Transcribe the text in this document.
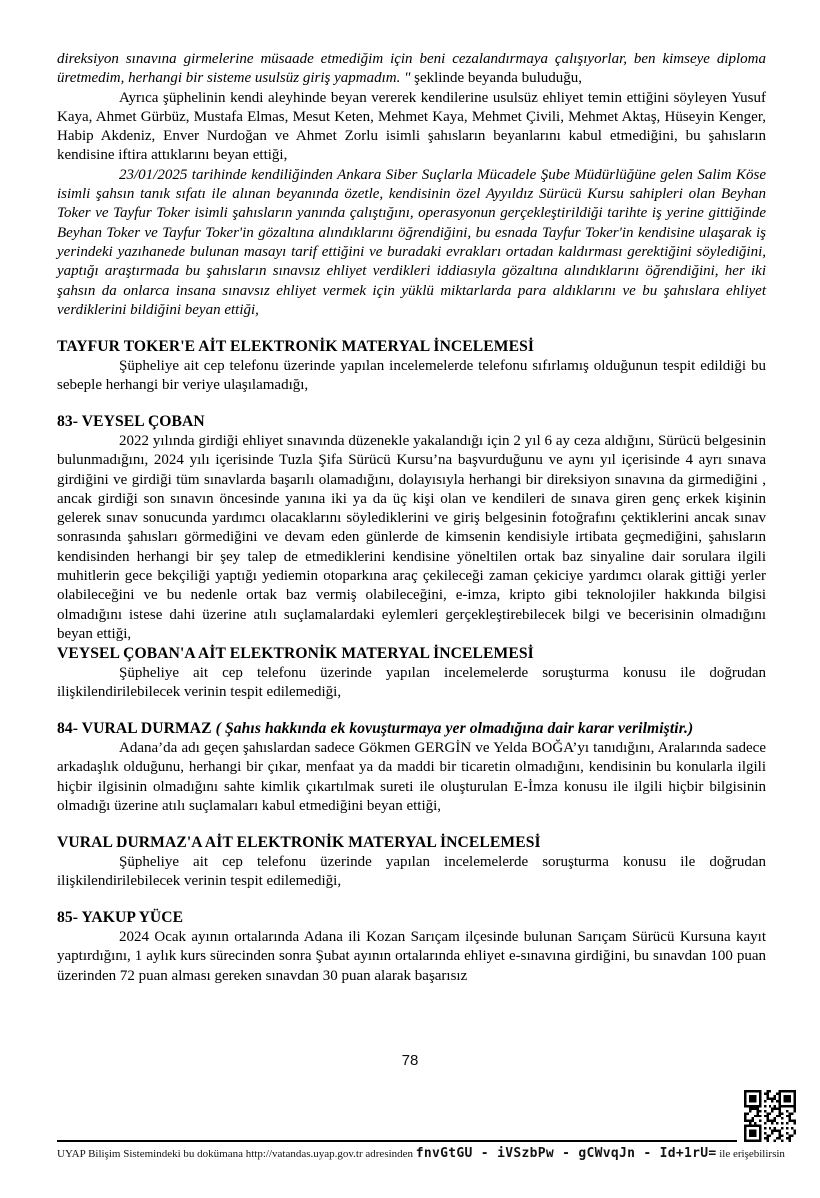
direksiyon sınavına girmelerine müsaade etmediğim için beni cezalandırmaya çalışıyorlar, ben kimseye diploma üretmedim, herhangi bir sisteme usulsüz giriş yapmadım. " şeklinde beyanda buluduğu,

Ayrıca şüphelinin kendi aleyhinde beyan vererek kendilerine usulsüz ehliyet temin ettiğini söyleyen Yusuf Kaya, Ahmet Gürbüz, Mustafa Elmas, Mesut Keten, Mehmet Kaya, Mehmet Çivili, Mehmet Aktaş, Hüseyin Kenger, Habip Akdeniz, Enver Nurdoğan ve Ahmet Zorlu isimli şahısların beyanlarını kabul etmediğini, bu şahısların kendisine iftira attıklarını beyan ettiği,

23/01/2025 tarihinde kendiliğinden Ankara Siber Suçlarla Mücadele Şube Müdürlüğüne gelen Salim Köse isimli şahsın tanık sıfatı ile alınan beyanında özetle, kendisinin özel Ayyıldız Sürücü Kursu sahipleri olan Beyhan Toker ve Tayfur Toker isimli şahısların yanında çalıştığını, operasyonun gerçekleştirildiği tarihte iş yerine gittiğinde Beyhan Toker ve Tayfur Toker'in gözaltına alındıklarını öğrendiğini, bu esnada Tayfur Toker'in kendisine ulaşarak iş yerindeki yazıhanede bulunan masayı tarif ettiğini ve buradaki evrakları ortadan kaldırması gerektiğini söylediğini, yaptığı araştırmada bu şahısların sınavsız ehliyet verdikleri iddiasıyla gözaltına alındıklarını öğrendiğini, her iki şahsın da onlarca insana sınavsız ehliyet vermek için yüklü miktarlarda para aldıklarını ve bu şahıslara ehliyet verdiklerini bildiğini beyan ettiği,

TAYFUR TOKER'E AİT ELEKTRONİK MATERYAL İNCELEMESİ

Şüpheliye ait cep telefonu üzerinde yapılan incelemelerde telefonu sıfırlamış olduğunun tespit edildiği bu sebeple herhangi bir veriye ulaşılamadığı,

83- VEYSEL ÇOBAN

2022 yılında girdiği ehliyet sınavında düzenekle yakalandığı için 2 yıl 6 ay ceza aldığını, Sürücü belgesinin bulunmadığını, 2024 yılı içerisinde Tuzla Şifa Sürücü Kursu’na başvurduğunu ve aynı yıl içerisinde 4 ayrı sınava girdiğini ve girdiği tüm sınavlarda başarılı olamadığını, dolayısıyla herhangi bir direksiyon sınavına da girmediğini , ancak girdiği son sınavın öncesinde yanına iki ya da üç kişi olan ve kendileri de sınava giren genç erkek kişinin gelerek sınav sonucunda yardımcı olacaklarını söylediklerini ve giriş belgesinin fotoğrafını çektiklerini ancak sınav sonrasında şahısları görmediğini ve devam eden günlerde de kimsenin kendisiyle irtibata geçmediğini, şahısların kendisinden herhangi bir şey talep de etmediklerini kendisine yöneltilen ortak baz sinyaline dair sorulara ilgili muhitlerin gece bekçiliği yaptığı yediemin otoparkına araç çekileceği zaman çekiciye yardımcı olarak gittiği yerler olabileceğini ve bu nedenle ortak baz vermiş olabileceğini, e-imza, kripto gibi teknolojiler hakkında bilgisi olmadığını istese dahi üzerine atılı suçlamalardaki eylemleri gerçekleştirebilecek bilgi ve becerisinin olmadığını beyan ettiği,

VEYSEL ÇOBAN'A AİT ELEKTRONİK MATERYAL İNCELEMESİ

Şüpheliye ait cep telefonu üzerinde yapılan incelemelerde soruşturma konusu ile doğrudan ilişkilendirilebilecek verinin tespit edilemediği,

84- VURAL DURMAZ ( Şahıs hakkında ek kovuşturmaya yer olmadığına dair karar verilmiştir.)

Adana’da adı geçen şahıslardan sadece Gökmen GERGİN ve Yelda BOĞA’yı tanıdığını, Aralarında sadece arkadaşlık olduğunu, herhangi bir çıkar, menfaat ya da maddi bir ticaretin olmadığını, kendisinin bu konularla ilgili hiçbir ilgisinin olmadığını sahte kimlik çıkartılmak sureti ile oluşturulan E-İmza konusu ile ilgili hiçbir bilgisinin olmadığı üzerine atılı suçlamaları kabul etmediğini beyan ettiği,

VURAL DURMAZ'A AİT ELEKTRONİK MATERYAL İNCELEMESİ

Şüpheliye ait cep telefonu üzerinde yapılan incelemelerde soruşturma konusu ile doğrudan ilişkilendirilebilecek verinin tespit edilemediği,

85- YAKUP YÜCE

2024 Ocak ayının ortalarında Adana ili Kozan Sarıçam ilçesinde bulunan Sarıçam Sürücü Kursuna kayıt yaptırdığını, 1 aylık kurs sürecinden sonra Şubat ayının ortalarında ehliyet e-sınavına girdiğini, bu sınavdan 100 puan üzerinden 72 puan alması gereken sınavdan 30 puan alarak başarısız

78
UYAP Bilişim Sistemindeki bu dokümana http://vatandas.uyap.gov.tr adresinden fnvGtGU - iVSzbPw - gCWvqJn - Id+1rU= ile erişebilirsin
